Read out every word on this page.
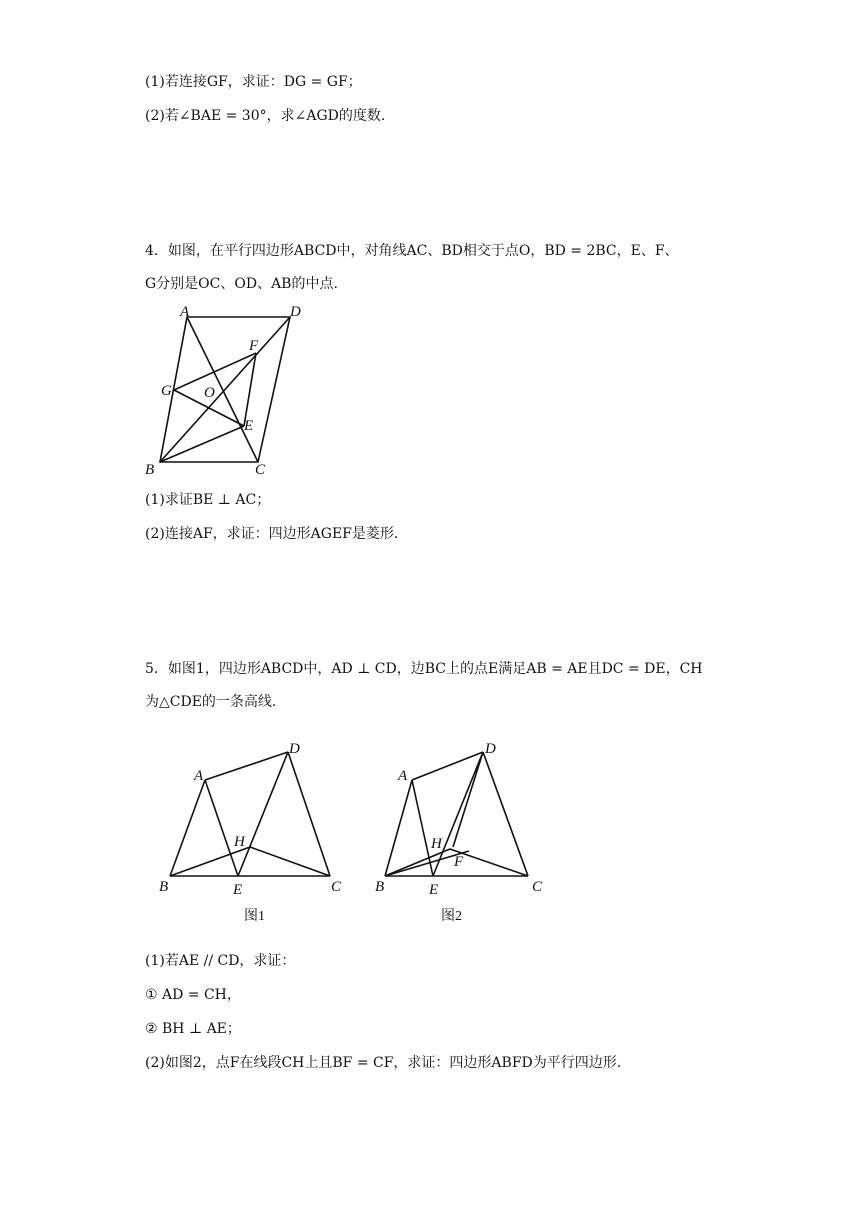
(1)若连接GF，求证：DG = GF；
(2)若∠BAE = 30°，求∠AGD的度数.
4．如图，在平行四边形ABCD中，对角线AC、BD相交于点O，BD = 2BC，E、F、
G分别是OC、OD、AB的中点.
A	D
F
G O
E
B	C
(1)求证BE ⊥ AC；
(2)连接AF，求证：四边形AGEF是菱形.
5．如图1，四边形ABCD中，AD ⊥ CD，边BC上的点E满足AB = AE且DC = DE，CH
为△CDE的一条高线.
A
D
H
B	E	C
图1
A
D
H
F
B	E	C
图2
(1)若AE // CD，求证：
① AD = CH，
② BH ⊥ AE；
(2)如图2，点F在线段CH上且BF = CF，求证：四边形ABFD为平行四边形.
